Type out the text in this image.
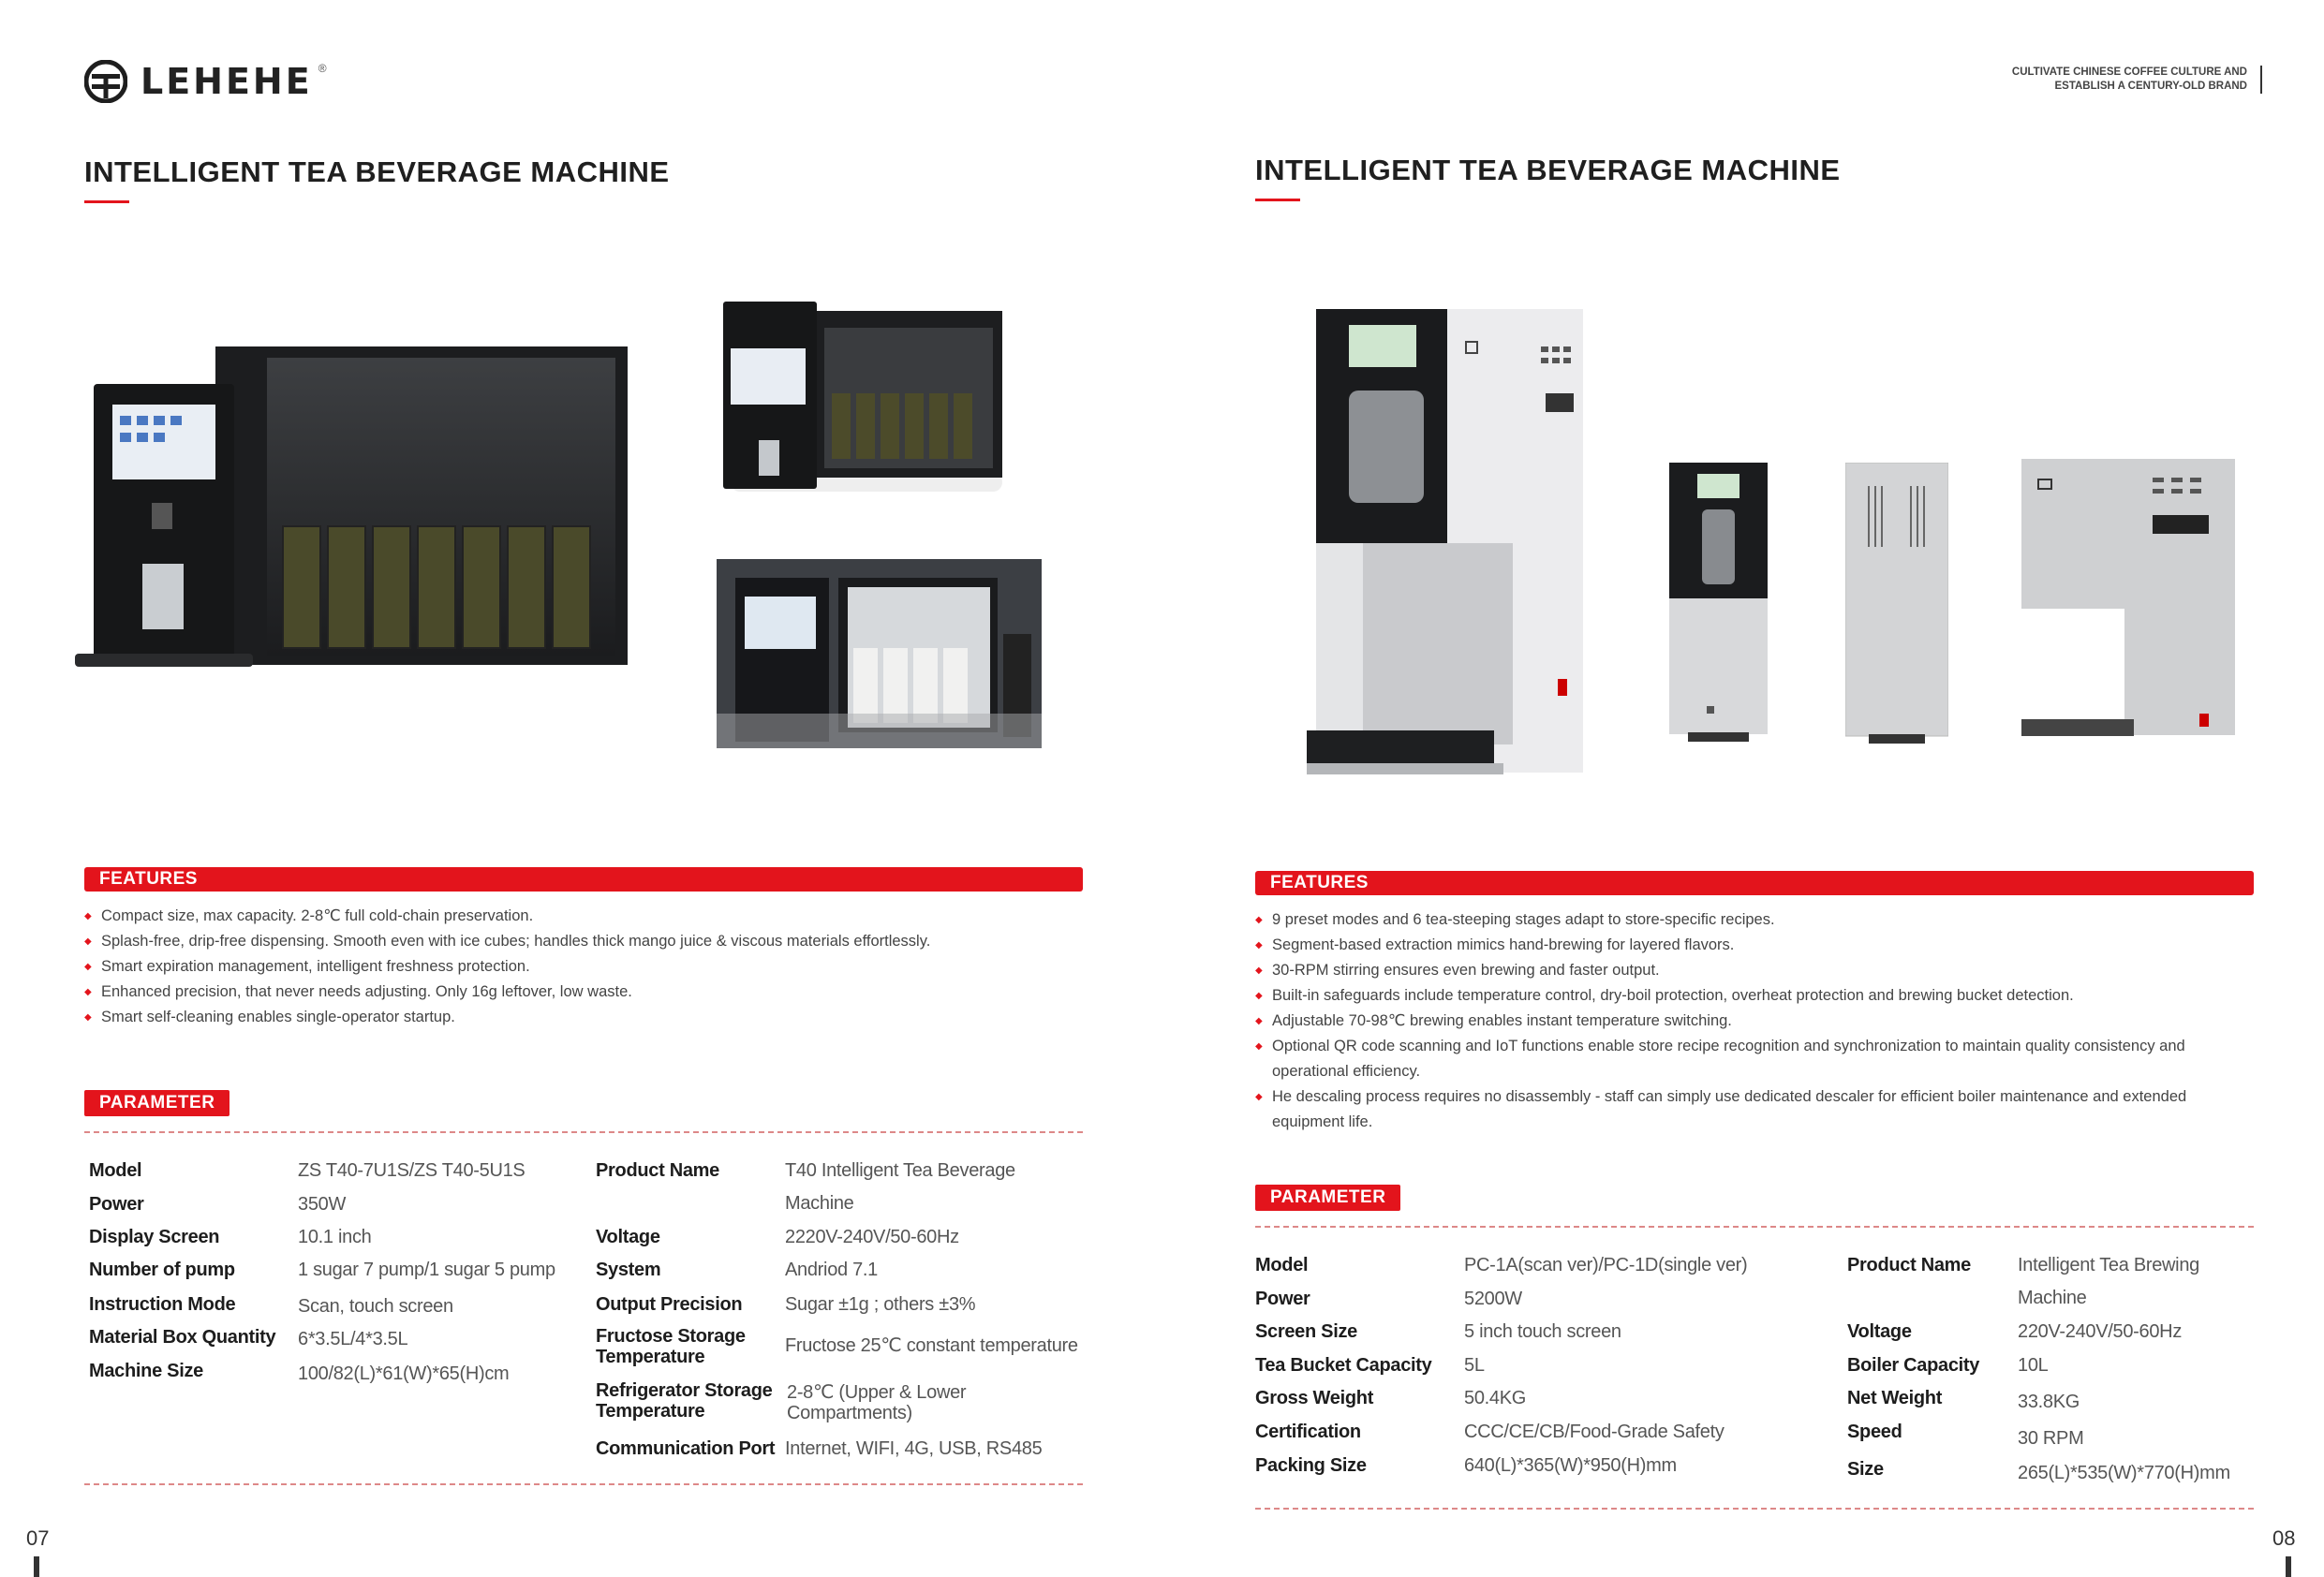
LEHEHE ®	CULTIVATE CHINESE COFFEE CULTURE AND
ESTABLISH A CENTURY-OLD BRAND
INTELLIGENT TEA BEVERAGE MACHINE
FEATURES
◆ Compact size, max capacity. 2-8℃ full cold-chain preservation.
◆ Splash-free, drip-free dispensing. Smooth even with ice cubes; handles thick mango juice & viscous materials effortlessly.
◆ Smart expiration management, intelligent freshness protection.
◆ Enhanced precision, that never needs adjusting. Only 16g leftover, low waste.
◆ Smart self-cleaning enables single-operator startup.
PARAMETER
Model	ZS T40-7U1S/ZS T40-5U1S
Power	350W
Display Screen	10.1 inch
Number of pump	1 sugar 7 pump/1 sugar 5 pump
Instruction Mode	Scan, touch screen
Material Box Quantity 6*3.5L/4*3.5L
Machine Size	100/82(L)*61(W)*65(H)cm
Product Name	T40 Intelligent Tea Beverage Machine
Voltage	2220V-240V/50-60Hz
System	Andriod 7.1
Output Precision Sugar ±1g ; others ±3%
Fructose Storage Temperature
Fructose 25℃ constant temperature
Refrigerator Storage Temperature
2-8℃ (Upper & Lower Compartments)
Communication Port Internet, WIFI, 4G, USB, RS485
07
INTELLIGENT TEA BEVERAGE MACHINE
FEATURES
◆ 9 preset modes and 6 tea-steeping stages adapt to store-specific recipes.
◆ Segment-based extraction mimics hand-brewing for layered flavors.
◆ 30-RPM stirring ensures even brewing and faster output.
◆ Built-in safeguards include temperature control, dry-boil protection, overheat protection and brewing bucket detection.
◆ Adjustable 70-98℃ brewing enables instant temperature switching.
◆ Optional QR code scanning and IoT functions enable store recipe recognition and synchronization to maintain quality consistency and operational efficiency.
◆ He descaling process requires no disassembly - staff can simply use dedicated descaler for efficient boiler maintenance and extended equipment life.
PARAMETER
Model	PC-1A(scan ver)/PC-1D(single ver)
Power	5200W
Screen Size	5 inch touch screen
Tea Bucket Capacity 5L
Gross Weight	50.4KG
Certification	CCC/CE/CB/Food-Grade Safety
Packing Size	640(L)*365(W)*950(H)mm
Product Name	Intelligent Tea Brewing Machine
Voltage	220V-240V/50-60Hz
Boiler Capacity 10L
Net Weight	33.8KG
Speed	30 RPM
Size	265(L)*535(W)*770(H)mm
08
